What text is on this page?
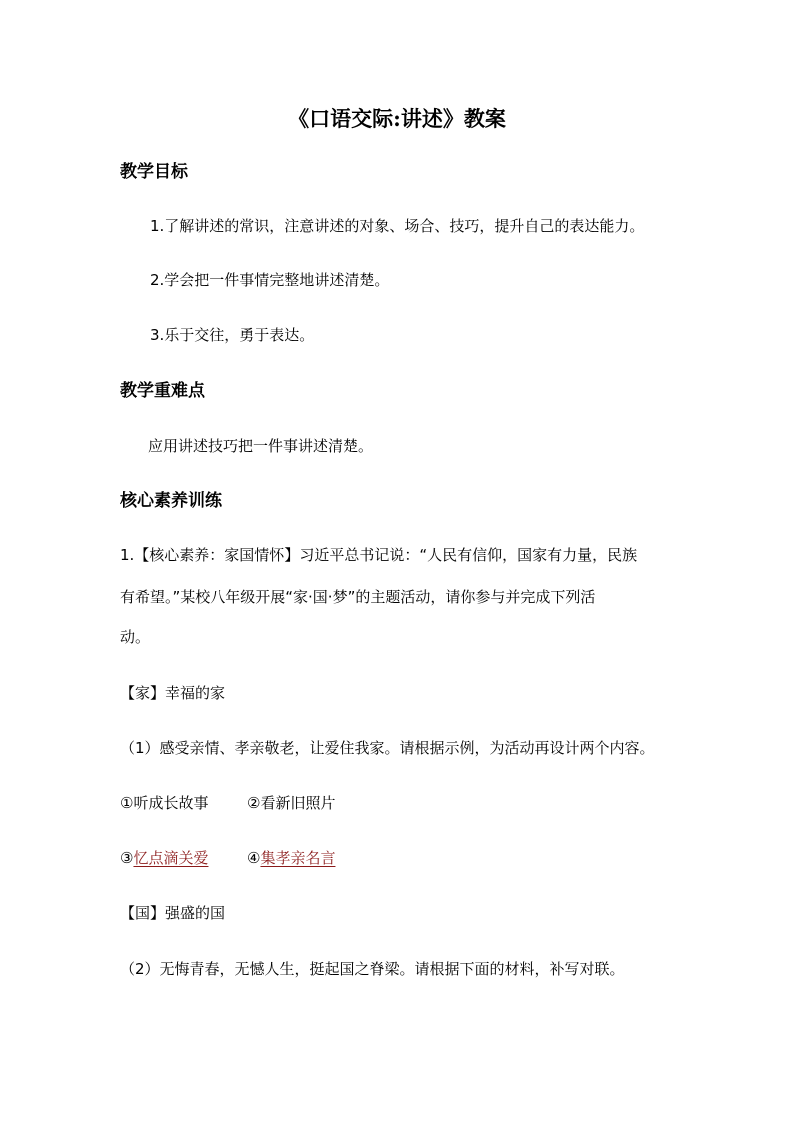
《口语交际:讲述》教案
教学目标
1.了解讲述的常识，注意讲述的对象、场合、技巧，提升自己的表达能力。
2.学会把一件事情完整地讲述清楚。
3.乐于交往，勇于表达。
教学重难点
应用讲述技巧把一件事讲述清楚。
核心素养训练
1.【核心素养：家国情怀】习近平总书记说：“人民有信仰，国家有力量，民族
有希望。”某校八年级开展“家·国·梦”的主题活动，请你参与并完成下列活
动。
【家】幸福的家
（1）感受亲情、孝亲敬老，让爱住我家。请根据示例，为活动再设计两个内容。
①听成长故事	②看新旧照片
③忆点滴关爱	④集孝亲名言
【国】强盛的国
（2）无悔青春，无憾人生，挺起国之脊梁。请根据下面的材料，补写对联。
